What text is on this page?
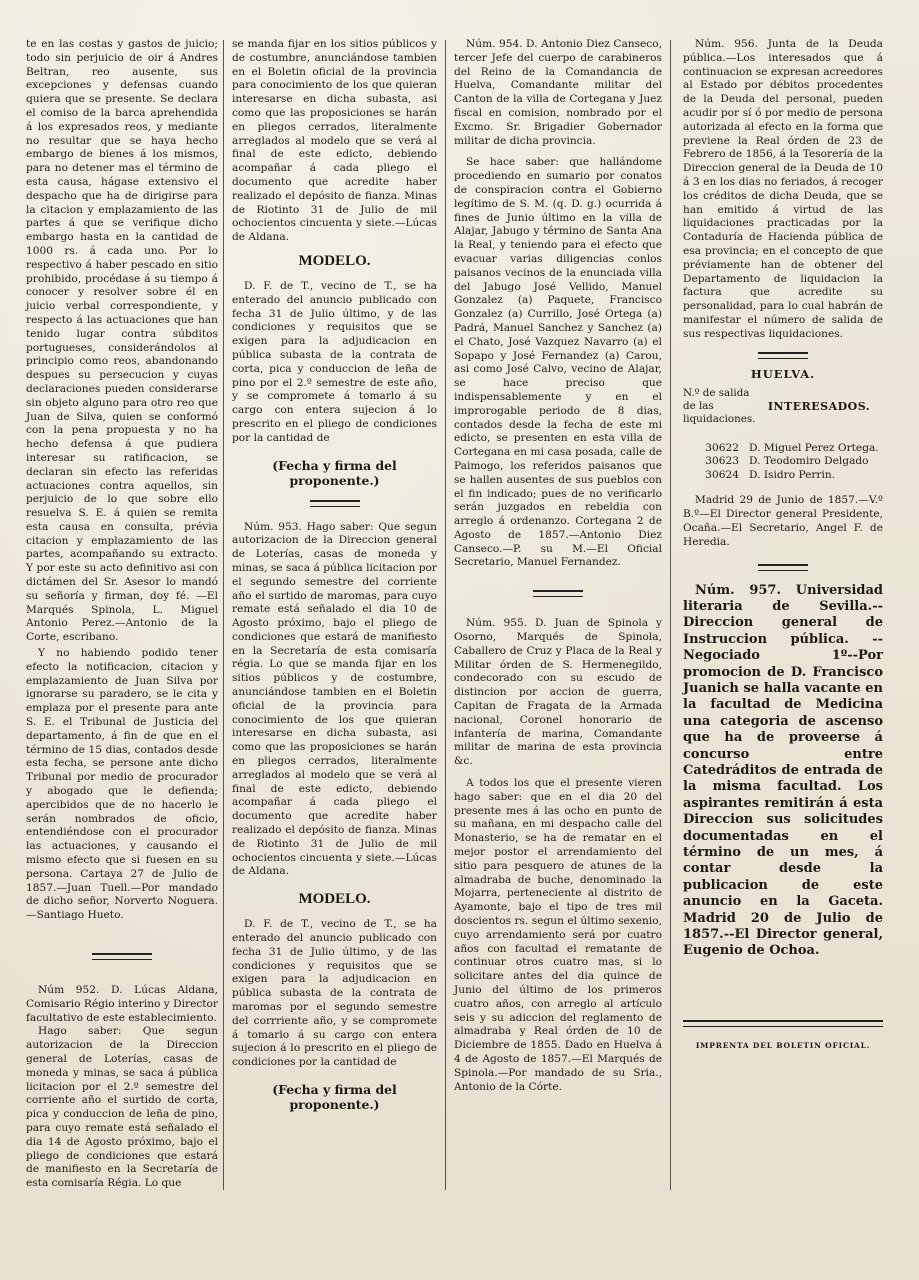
te en las costas y gastos de juicio; todo sin perjuicio de oir á Andres Beltran, reo ausente, sus excepciones y defensas cuando quiera que se presente. Se declara el comiso de la barca aprehendida á los expresados reos, y mediante no resultar que se haya hecho embargo de bienes á los mismos, para no detener mas el término de esta causa, hágase extensivo el despacho que ha de dirigirse para la citacion y emplazamiento de las partes á que se verifique dicho embargo hasta en la cantidad de 1000 rs. á cada uno. Por lo respectivo á haber pescado en sitio prohibido, procédase á su tiempo á conocer y resolver sobre él en juicio verbal correspondiente, y respecto á las actuaciones que han tenido lugar contra súbditos portugueses, considerándolos al principio como reos, abandonando despues su persecucion y cuyas declaraciones pueden considerarse sin objeto alguno para otro reo que Juan de Silva, quien se conformó con la pena propuesta y no ha hecho defensa á que pudiera interesar su ratificacion, se declaran sin efecto las referidas actuaciones contra aquellos, sin perjuicio de lo que sobre ello resuelva S. E. á quien se remita esta causa en consulta, prévia citacion y emplazamiento de las partes, acompañando su extracto. Y por este su acto definitivo asi con dictámen del Sr. Asesor lo mandó su señoría y firman, doy fé. —El Marqués Spinola, L. Miguel Antonio Perez.—Antonio de la Corte, escribano.

Y no habiendo podido tener efecto la notificacion, citacion y emplazamiento de Juan Silva por ignorarse su paradero, se le cita y emplaza por el presente para ante S. E. el Tribunal de Justicia del departamento, á fin de que en el término de 15 dias, contados desde esta fecha, se persone ante dicho Tribunal por medio de procurador y abogado que le defienda; apercibidos que de no hacerlo le serán nombrados de oficio, entendiéndose con el procurador las actuaciones, y causando el mismo efecto que si fuesen en su persona. Cartaya 27 de Julio de 1857.—Juan Tuell.—Por mandado de dicho señor, Norverto Noguera.—Santiago Hueto.

Núm 952. D. Lúcas Aldana, Comisario Régio interino y Director facultativo de este establecimiento.

Hago saber: Que segun autorizacion de la Direccion general de Loterías, casas de moneda y minas, se saca á pública licitacion por el 2.º semestre del corriente año el surtido de corta, pica y conduccion de leña de pino, para cuyo remate está señalado el dia 14 de Agosto próximo, bajo el pliego de condiciones que estará de manifiesto en la Secretaría de esta comisaría Régia. Lo que

se manda fijar en los sitios públicos y de costumbre, anunciándose tambien en el Boletin oficial de la provincia para conocimiento de los que quieran interesarse en dicha subasta, asi como que las proposiciones se harán en pliegos cerrados, literalmente arreglados al modelo que se verá al final de este edicto, debiendo acompañar á cada pliego el documento que acredite haber realizado el depósito de fianza. Minas de Riotinto 31 de Julio de mil ochocientos cincuenta y siete.—Lúcas de Aldana.

MODELO.

D. F. de T., vecino de T., se ha enterado del anuncio publicado con fecha 31 de Julio último, y de las condiciones y requisitos que se exigen para la adjudicacion en pública subasta de la contrata de corta, pica y conduccion de leña de pino por el 2.º semestre de este año, y se compromete á tomarlo á su cargo con entera sujecion á lo prescrito en el pliego de condiciones por la cantidad de

(Fecha y firma del proponente.)

Núm. 953. Hago saber: Que segun autorizacion de la Direccion general de Loterías, casas de moneda y minas, se saca á pública licitacion por el segundo semestre del corriente año el surtido de maromas, para cuyo remate está señalado el dia 10 de Agosto próximo, bajo el pliego de condiciones que estará de manifiesto en la Secretaría de esta comisaría régia. Lo que se manda fijar en los sitios públicos y de costumbre, anunciándose tambien en el Boletin oficial de la provincia para conocimiento de los que quieran interesarse en dicha subasta, asi como que las proposiciones se harán en pliegos cerrados, literalmente arreglados al modelo que se verá al final de este edicto, debiendo acompañar á cada pliego el documento que acredite haber realizado el depósito de fianza. Minas de Riotinto 31 de Julio de mil ochocientos cincuenta y siete.—Lúcas de Aldana.

MODELO.

D. F. de T., vecino de T., se ha enterado del anuncio publicado con fecha 31 de Julio último, y de las condiciones y requisitos que se exigen para la adjudicacion en pública subasta de la contrata de maromas por el segundo semestre del corrriente año, y se compromete á tomarlo á su cargo con entera sujecion á lo prescrito en el pliego de condiciones por la cantidad de

(Fecha y firma del proponente.)

Núm. 954. D. Antonio Diez Canseco, tercer Jefe del cuerpo de carabineros del Reino de la Comandancia de Huelva, Comandante militar del Canton de la villa de Cortegana y Juez fiscal en comision, nombrado por el Excmo. Sr. Brigadier Gobernador militar de dicha provincia.

Se hace saber: que hallándome procediendo en sumario por conatos de conspiracion contra el Gobierno legítimo de S. M. (q. D. g.) ocurrida á fines de Junio último en la villa de Alajar, Jabugo y término de Santa Ana la Real, y teniendo para el efecto que evacuar varias diligencias conlos paisanos vecinos de la enunciada villa del Jabugo José Vellido, Manuel Gonzalez (a) Paquete, Francisco Gonzalez (a) Currillo, José Ortega (a) Padrá, Manuel Sanchez y Sanchez (a) el Chato, José Vazquez Navarro (a) el Sopapo y José Fernandez (a) Carou, asi como José Calvo, vecino de Alajar, se hace preciso que indispensablemente y en el improrogable periodo de 8 dias, contados desde la fecha de este mi edicto, se presenten en esta villa de Cortegana en mi casa posada, calle de Paimogo, los referidos paisanos que se hallen ausentes de sus pueblos con el fin indicado; pues de no verificarlo serán juzgados en rebeldia con arreglo á ordenanzo. Cortegana 2 de Agosto de 1857.—Antonio Diez Canseco.—P. su M.—El Oficial Secretario, Manuel Fernandez.

Núm. 955. D. Juan de Spinola y Osorno, Marqués de Spinola, Caballero de Cruz y Placa de la Real y Militar órden de S. Hermenegildo, condecorado con su escudo de distincion por accion de guerra, Capitan de Fragata de la Armada nacional, Coronel honorario de infantería de marina, Comandante militar de marina de esta provincia &c.

A todos los que el presente vieren hago saber: que en el dia 20 del presente mes á las ocho en punto de su mañana, en mi despacho calle del Monasterio, se ha de rematar en el mejor postor el arrendamiento del sitio para pesquero de atunes de la almadraba de buche, denominado la Mojarra, perteneciente al distrito de Ayamonte, bajo el tipo de tres mil doscientos rs. segun el último sexenio, cuyo arrendamiento será por cuatro años con facultad el rematante de continuar otros cuatro mas, si lo solicitare antes del dia quince de Junio del último de los primeros cuatro años, con arreglo al artículo seis y su adiccion del reglamento de almadraba y Real órden de 10 de Diciembre de 1855. Dado en Huelva á 4 de Agosto de 1857.—El Marqués de Spinola.—Por mandado de su Sria., Antonio de la Córte.

Núm. 956. Junta de la Deuda pública.—Los interesados que á continuacion se expresan acreedores al Estado por débitos procedentes de la Deuda del personal, pueden acudir por sí ó por medio de persona autorizada al efecto en la forma que previene la Real órden de 23 de Febrero de 1856, á la Tesorería de la Direccion general de la Deuda de 10 á 3 en los dias no feriados, á recoger los créditos de dicha Deuda, que se han emitido á virtud de las liquidaciones practicadas por la Contaduría de Hacienda pública de esa provincia; en el concepto de que préviamente han de obtener del Departamento de liquidacion la factura que acredite su personalidad, para lo cual habrán de manifestar el número de salida de sus respectivas liquidaciones.

HUELVA.
N.º de salida de las liquidaciones.
INTERESADOS.
30622 D. Miguel Perez Ortega.
30623 D. Teodomiro Delgado
30624 D. Isidro Perrin.

Madrid 29 de Junio de 1857.—V.º B.º—El Director general Presidente, Ocaña.—El Secretario, Angel F. de Heredia.

Núm. 957. Universidad literaria de Sevilla.--Direccion general de Instruccion pública. --Negociado 1º--Por promocion de D. Francisco Juanich se halla vacante en la facultad de Medicina una categoria de ascenso que ha de proveerse á concurso entre Catedráditos de entrada de la misma facultad. Los aspirantes remitirán á esta Direccion sus solicitudes documentadas en el término de un mes, á contar desde la publicacion de este anuncio en la Gaceta. Madrid 20 de Julio de 1857.--El Director general, Eugenio de Ochoa.

IMPRENTA DEL BOLETIN OFICIAL.
